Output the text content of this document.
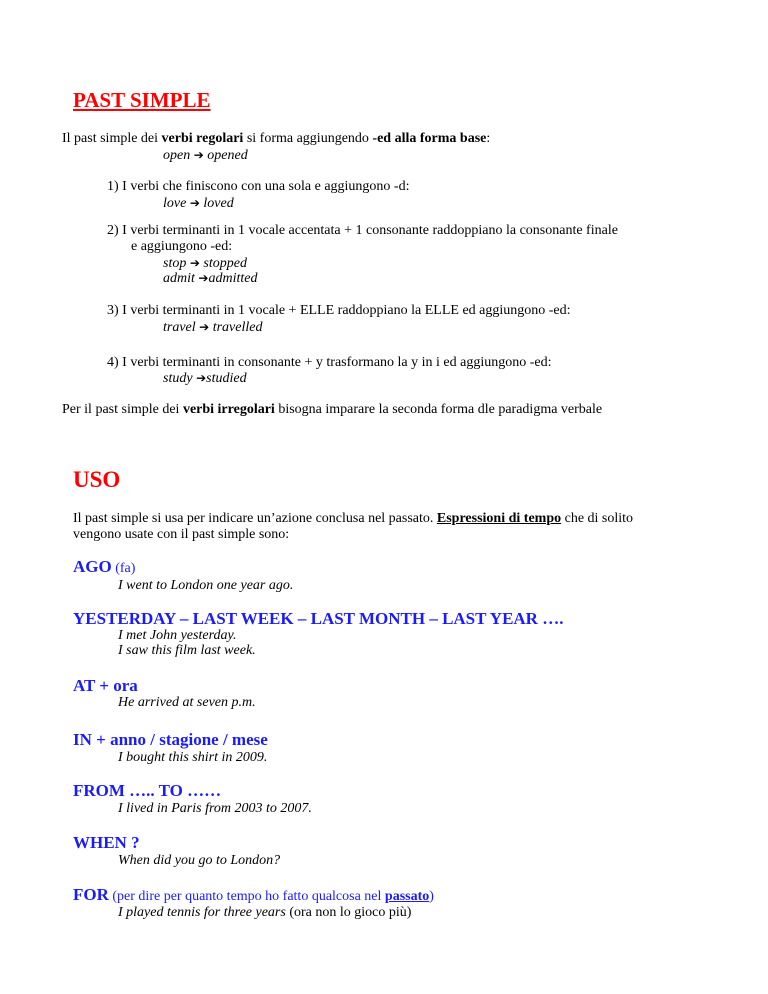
PAST SIMPLE
Il past simple dei verbi regolari si forma aggiungendo -ed alla forma base:
open ➔ opened
1) I verbi che finiscono con una sola e aggiungono -d:
love ➔ loved
2) I verbi terminanti in 1 vocale accentata + 1 consonante raddoppiano la consonante finale
e aggiungono -ed:
stop ➔ stopped
admit ➔admitted
3) I verbi terminanti in 1 vocale + ELLE raddoppiano la ELLE ed aggiungono -ed:
travel ➔ travelled
4) I verbi terminanti in consonante + y trasformano la y in i ed aggiungono -ed:
study ➔studied
Per il past simple dei verbi irregolari bisogna imparare la seconda forma dle paradigma verbale
USO
Il past simple si usa per indicare un’azione conclusa nel passato. Espressioni di tempo che di solito
vengono usate con il past simple sono:
AGO (fa)
I went to London one year ago.
YESTERDAY – LAST WEEK – LAST MONTH – LAST YEAR ….
I met John yesterday.
I saw this film last week.
AT + ora
He arrived at seven p.m.
IN + anno / stagione / mese
I bought this shirt in 2009.
FROM ….. TO ……
I lived in Paris from 2003 to 2007.
WHEN ?
When did you go to London?
FOR (per dire per quanto tempo ho fatto qualcosa nel passato)
I played tennis for three years (ora non lo gioco più)
